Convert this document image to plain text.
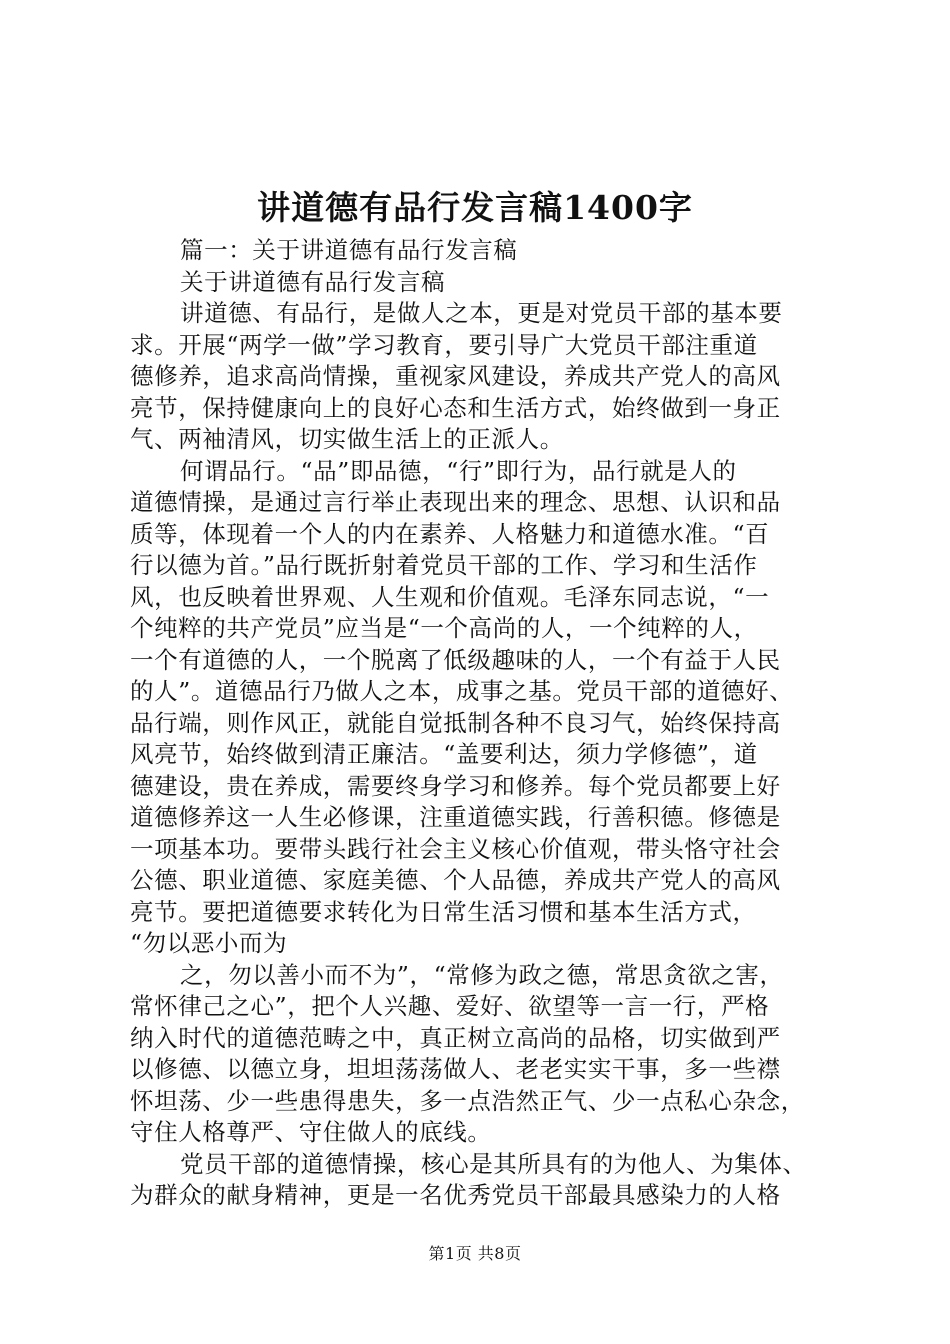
讲道德有品行发言稿1400字

篇一：关于讲道德有品行发言稿

关于讲道德有品行发言稿

讲道德、有品行，是做人之本，更是对党员干部的基本要

求。开展“两学一做”学习教育，要引导广大党员干部注重道

德修养，追求高尚情操，重视家风建设，养成共产党人的高风

亮节，保持健康向上的良好心态和生活方式，始终做到一身正

气、两袖清风，切实做生活上的正派人。

何谓品行。“品”即品德，“行”即行为，品行就是人的

道德情操，是通过言行举止表现出来的理念、思想、认识和品

质等，体现着一个人的内在素养、人格魅力和道德水准。“百

行以德为首。”品行既折射着党员干部的工作、学习和生活作

风，也反映着世界观、人生观和价值观。毛泽东同志说，“一

个纯粹的共产党员”应当是“一个高尚的人，一个纯粹的人，

一个有道德的人，一个脱离了低级趣味的人，一个有益于人民

的人”。道德品行乃做人之本，成事之基。党员干部的道德好、

品行端，则作风正，就能自觉抵制各种不良习气，始终保持高

风亮节，始终做到清正廉洁。“盖要利达，须力学修德”，道

德建设，贵在养成，需要终身学习和修养。每个党员都要上好

道德修养这一人生必修课，注重道德实践，行善积德。修德是

一项基本功。要带头践行社会主义核心价值观，带头恪守社会

公德、职业道德、家庭美德、个人品德，养成共产党人的高风

亮节。要把道德要求转化为日常生活习惯和基本生活方式，

“勿以恶小而为

之，勿以善小而不为”，“常修为政之德，常思贪欲之害，

常怀律己之心”，把个人兴趣、爱好、欲望等一言一行，严格

纳入时代的道德范畴之中，真正树立高尚的品格，切实做到严

以修德、以德立身，坦坦荡荡做人、老老实实干事，多一些襟

怀坦荡、少一些患得患失，多一点浩然正气、少一点私心杂念，

守住人格尊严、守住做人的底线。

党员干部的道德情操，核心是其所具有的为他人、为集体、

为群众的献身精神，更是一名优秀党员干部最具感染力的人格

第1页 共8页
